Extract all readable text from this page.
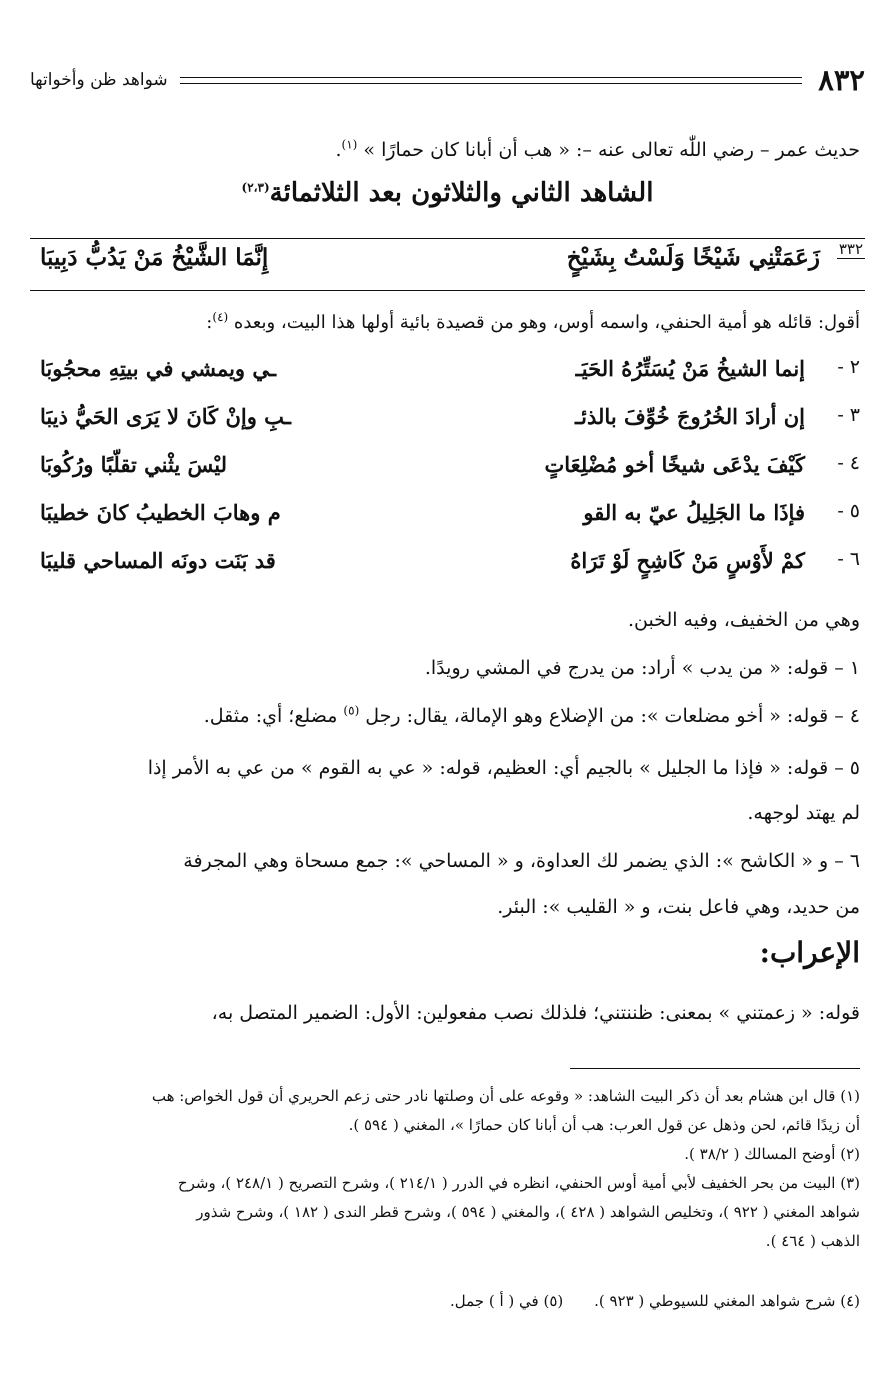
٨٣٢
شواهد ظن وأخواتها
حديث عمر – رضي اللّٰه تعالى عنه –: « هب أن أبانا كان حمارًا » $^{(١)}$.
الشاهد الثاني والثلاثون بعد الثلاثمائة$^{(٢،٣)}$
٣٣٢
زَعَمَتْنِي شَيْخًا وَلَسْتُ بِشَيْخٍ
إِنَّمَا الشَّيْخُ مَنْ يَدُبُّ دَبِيبَا
أقول: قائله هو أمية الحنفي، واسمه أوس، وهو من قصيدة بائية أولها هذا البيت، وبعده $^{(٤)}$:
٢ -
إنما الشيخُ مَنْ يُسَتِّرُهُ الحَيَـ
ـي ويمشي في بيتِهِ محجُوبَا
٣ -
إن أرادَ الخُرُوجَ خُوِّفَ بالذئـ
ـبِ وإنْ كَانَ لا يَرَى الحَيُّ ذيبَا
٤ -
كَيْفَ يدْعَى شيخًا أخو مُضْلِعَاتٍ
ليْسَ يثْني تقلّبًا ورُكُوبَا
٥ -
فإذَا ما الجَلِيلُ عيّ به القو
م وهابَ الخطيبُ كانَ خطيبَا
٦ -
كمْ لأَوْسٍ مَنْ كَاشِحٍ لَوْ تَرَاهُ
قد بَنَت دونَه المساحي قليبَا
وهي من الخفيف، وفيه الخبن.
١ – قوله: « من يدب » أراد: من يدرج في المشي رويدًا.
٤ – قوله: « أخو مضلعات »: من الإضلاع وهو الإمالة، يقال: رجل $^{(٥)}$ مضلع؛ أي: مثقل.
٥ – قوله: « فإذا ما الجليل » بالجيم أي: العظيم، قوله: « عي به القوم » من عي به الأمر إذا
لم يهتد لوجهه.
٦ – و « الكاشح »: الذي يضمر لك العداوة، و « المساحي »: جمع مسحاة وهي المجرفة
من حديد، وهي فاعل بنت، و « القليب »: البئر.
الإعراب:
قوله: « زعمتني » بمعنى: ظننتني؛ فلذلك نصب مفعولين: الأول: الضمير المتصل به،
(١) قال ابن هشام بعد أن ذكر البيت الشاهد: « وقوعه على أن وصلتها نادر حتى زعم الحريري أن قول الخواص: هب
أن زيدًا قائم، لحن وذهل عن قول العرب: هب أن أبانا كان حمارًا »، المغني ( ٥٩٤ ).
(٢) أوضح المسالك ( ٣٨/٢ ).
(٣) البيت من بحر الخفيف لأبي أمية أوس الحنفي، انظره في الدرر ( ٢١٤/١ )، وشرح التصريح ( ٢٤٨/١ )، وشرح
شواهد المغني ( ٩٢٢ )، وتخليص الشواهد ( ٤٢٨ )، والمغني ( ٥٩٤ )، وشرح قطر الندى ( ١٨٢ )، وشرح شذور
الذهب ( ٤٦٤ ).
(٤) شرح شواهد المغني للسيوطي ( ٩٢٣ ).
(٥) في ( أ ) جمل.
